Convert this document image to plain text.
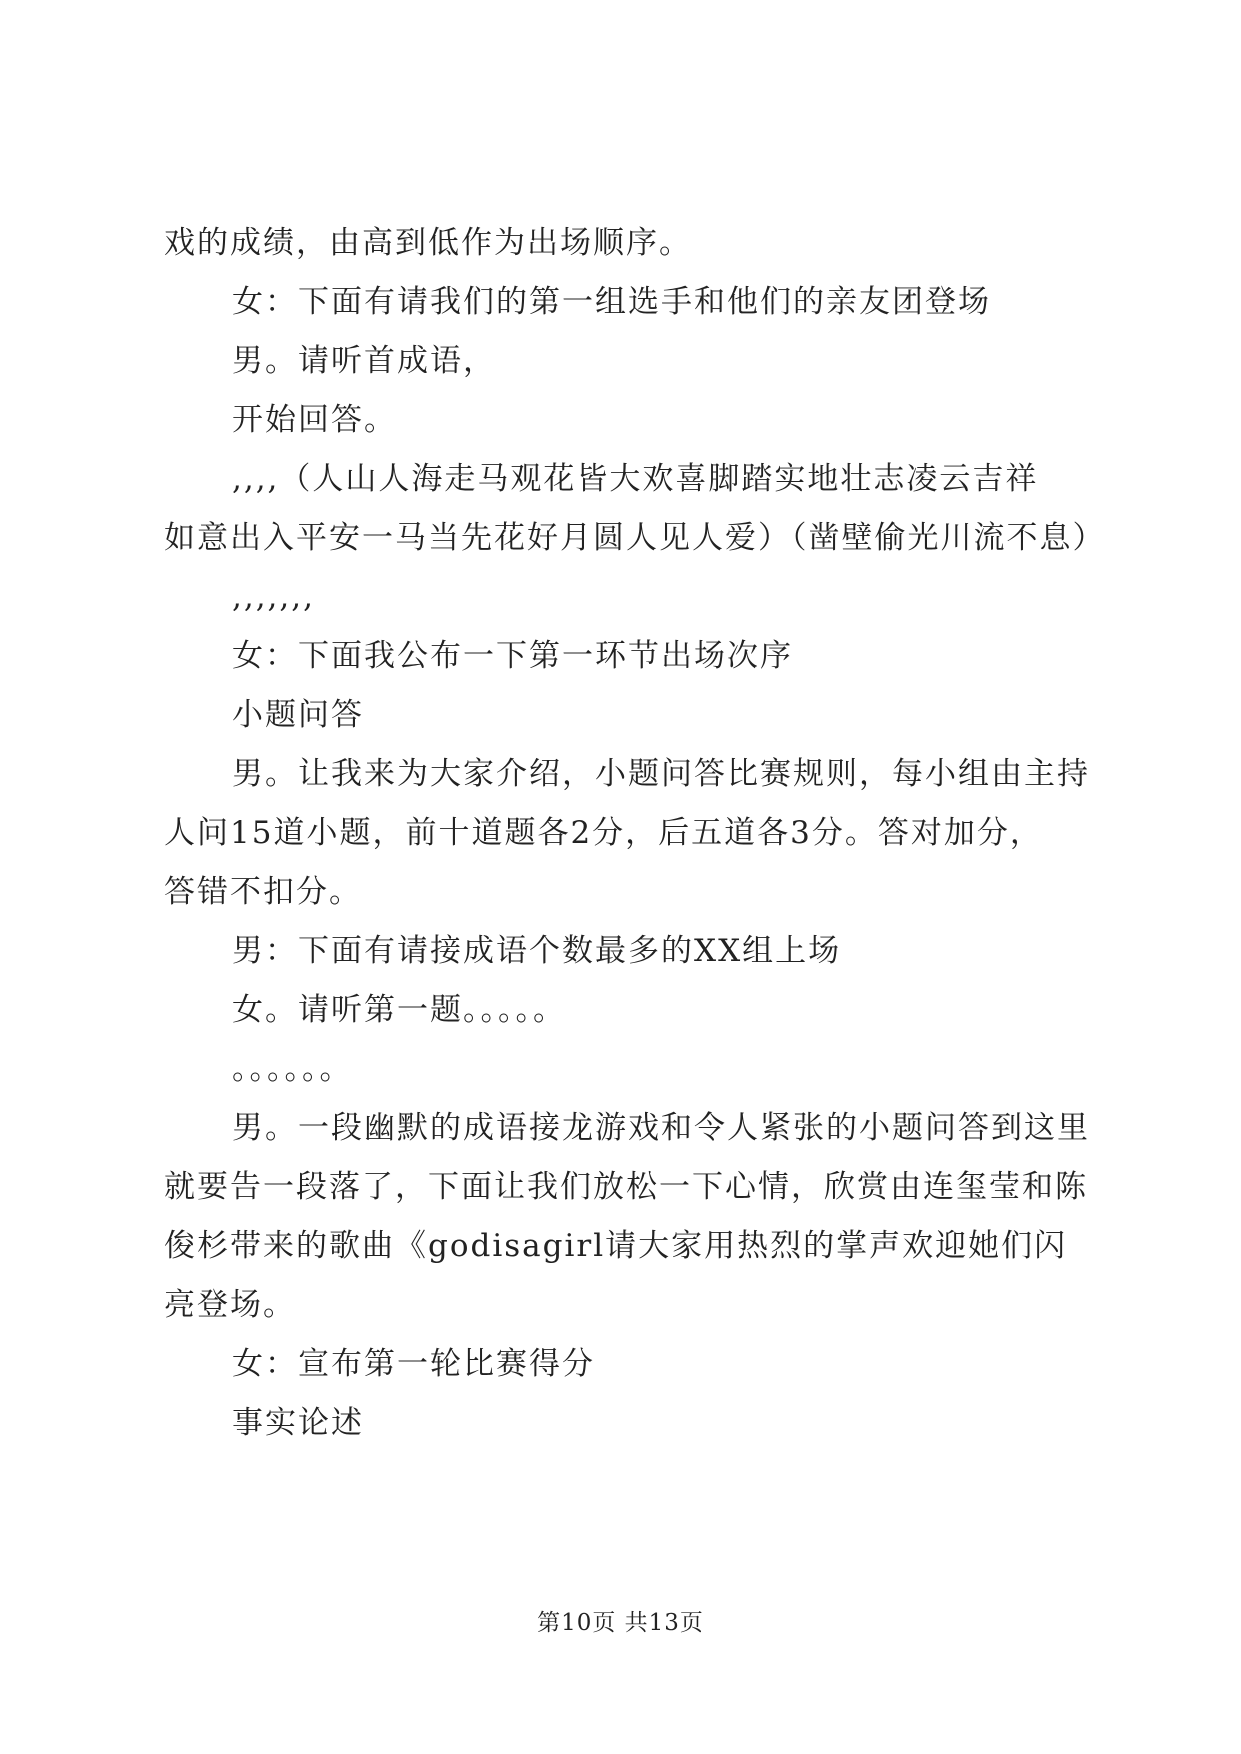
戏的成绩，由高到低作为出场顺序。
女：下面有请我们的第一组选手和他们的亲友团登场
男。请听首成语，
开始回答。
,,,,（人山人海走马观花皆大欢喜脚踏实地壮志凌云吉祥
如意出入平安一马当先花好月圆人见人爱）（凿壁偷光川流不息）
,,,,,,,
女：下面我公布一下第一环节出场次序
小题问答
男。让我来为大家介绍，小题问答比赛规则，每小组由主持
人问15道小题，前十道题各2分，后五道各3分。答对加分，
答错不扣分。
男：下面有请接成语个数最多的XX组上场
女。请听第一题。。。。。
。。。。。。
男。一段幽默的成语接龙游戏和令人紧张的小题问答到这里
就要告一段落了，下面让我们放松一下心情，欣赏由连玺莹和陈
俊杉带来的歌曲《godisagirl请大家用热烈的掌声欢迎她们闪
亮登场。
女：宣布第一轮比赛得分
事实论述
第10页 共13页
